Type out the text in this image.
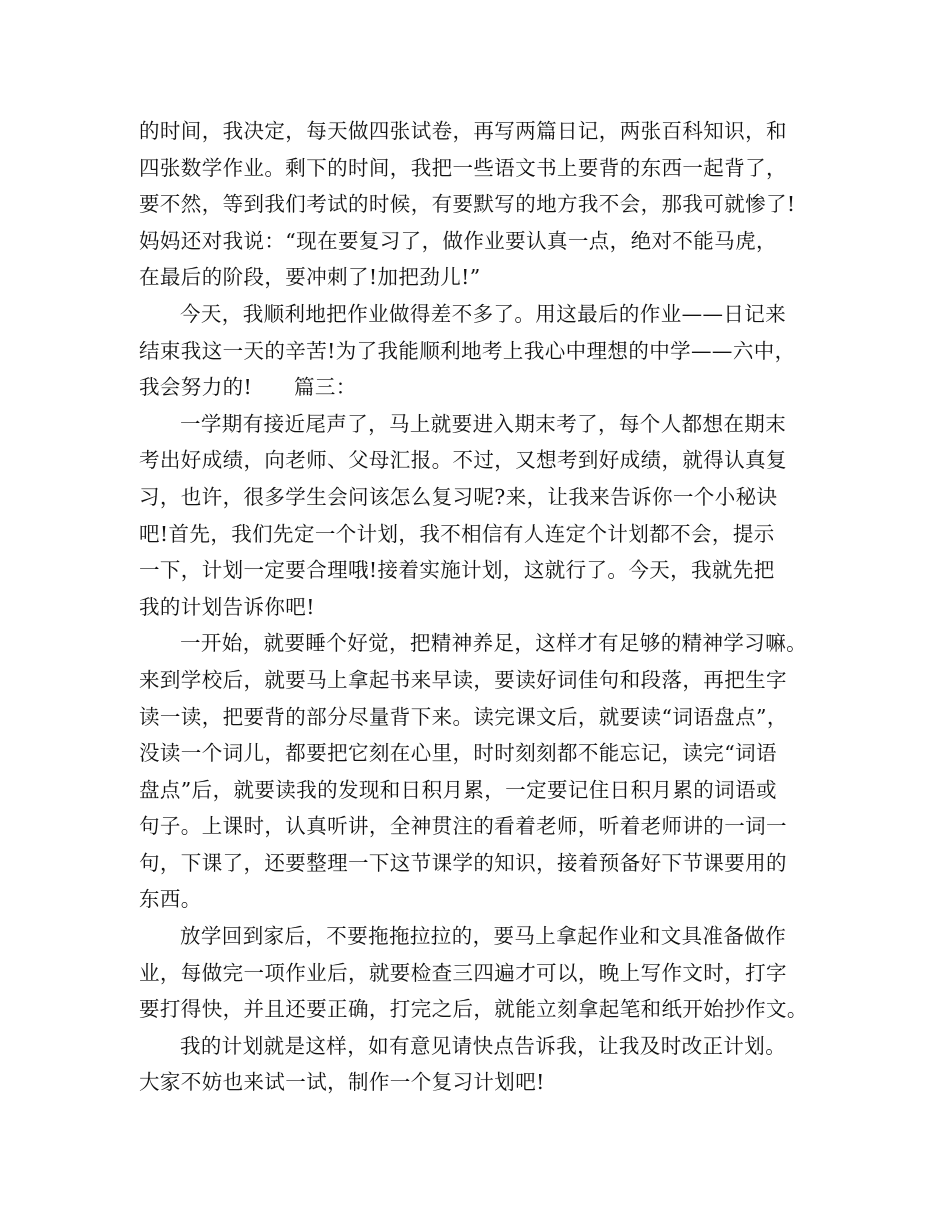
的时间，我决定，每天做四张试卷，再写两篇日记，两张百科知识，和
四张数学作业。剩下的时间，我把一些语文书上要背的东西一起背了，
要不然，等到我们考试的时候，有要默写的地方我不会，那我可就惨了!
妈妈还对我说：“现在要复习了，做作业要认真一点，绝对不能马虎，
在最后的阶段，要冲刺了!加把劲儿!”
今天，我顺利地把作业做得差不多了。用这最后的作业——日记来
结束我这一天的辛苦!为了我能顺利地考上我心中理想的中学——六中，
我会努力的!　　篇三：
一学期有接近尾声了，马上就要进入期末考了，每个人都想在期末
考出好成绩，向老师、父母汇报。不过，又想考到好成绩，就得认真复
习，也许，很多学生会问该怎么复习呢?来，让我来告诉你一个小秘诀
吧!首先，我们先定一个计划，我不相信有人连定个计划都不会，提示
一下，计划一定要合理哦!接着实施计划，这就行了。今天，我就先把
我的计划告诉你吧!
一开始，就要睡个好觉，把精神养足，这样才有足够的精神学习嘛。
来到学校后，就要马上拿起书来早读，要读好词佳句和段落，再把生字
读一读，把要背的部分尽量背下来。读完课文后，就要读“词语盘点”，
没读一个词儿，都要把它刻在心里，时时刻刻都不能忘记，读完“词语
盘点”后，就要读我的发现和日积月累，一定要记住日积月累的词语或
句子。上课时，认真听讲，全神贯注的看着老师，听着老师讲的一词一
句，下课了，还要整理一下这节课学的知识，接着预备好下节课要用的
东西。
放学回到家后，不要拖拖拉拉的，要马上拿起作业和文具准备做作
业，每做完一项作业后，就要检查三四遍才可以，晚上写作文时，打字
要打得快，并且还要正确，打完之后，就能立刻拿起笔和纸开始抄作文。
我的计划就是这样，如有意见请快点告诉我，让我及时改正计划。
大家不妨也来试一试，制作一个复习计划吧!
